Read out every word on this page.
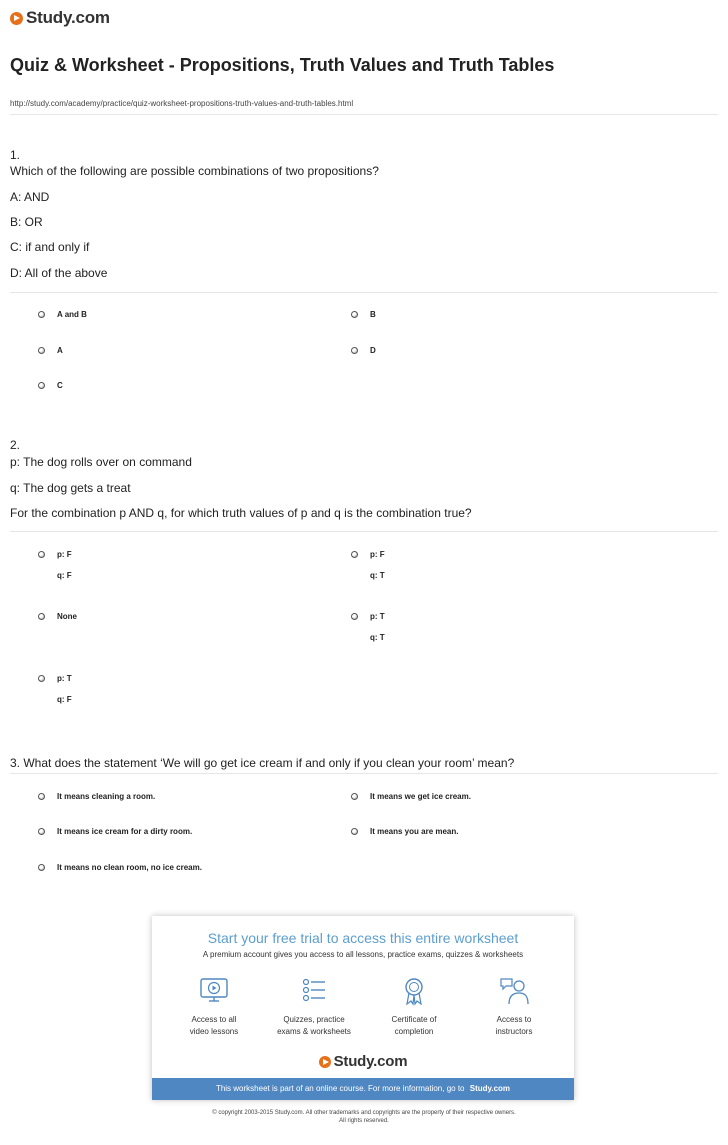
Study.com
Quiz & Worksheet - Propositions, Truth Values and Truth Tables
http://study.com/academy/practice/quiz-worksheet-propositions-truth-values-and-truth-tables.html
1.
Which of the following are possible combinations of two propositions?
A: AND
B: OR
C: if and only if
D: All of the above
A and B	B
A	D
C
2.
p: The dog rolls over on command
q: The dog gets a treat
For the combination p AND q, for which truth values of p and q is the combination true?
p: F
q: F
p: F
q: T
None	p: T
q: T
p: T
q: F
3. What does the statement ‘We will go get ice cream if and only if you clean your room’ mean?
It means cleaning a room.	It means we get ice cream.
It means ice cream for a dirty room.	It means you are mean.
It means no clean room, no ice cream.
Start your free trial to access this entire worksheet
A premium account gives you access to all lessons, practice exams, quizzes & worksheets
Access to all
video lessons
Quizzes, practice
exams & worksheets
Certificate of
completion
Access to
instructors
Study.com
This worksheet is part of an online course. For more information, go to Study.com
© copyright 2003-2015 Study.com. All other trademarks and copyrights are the property of their respective owners.
All rights reserved.
